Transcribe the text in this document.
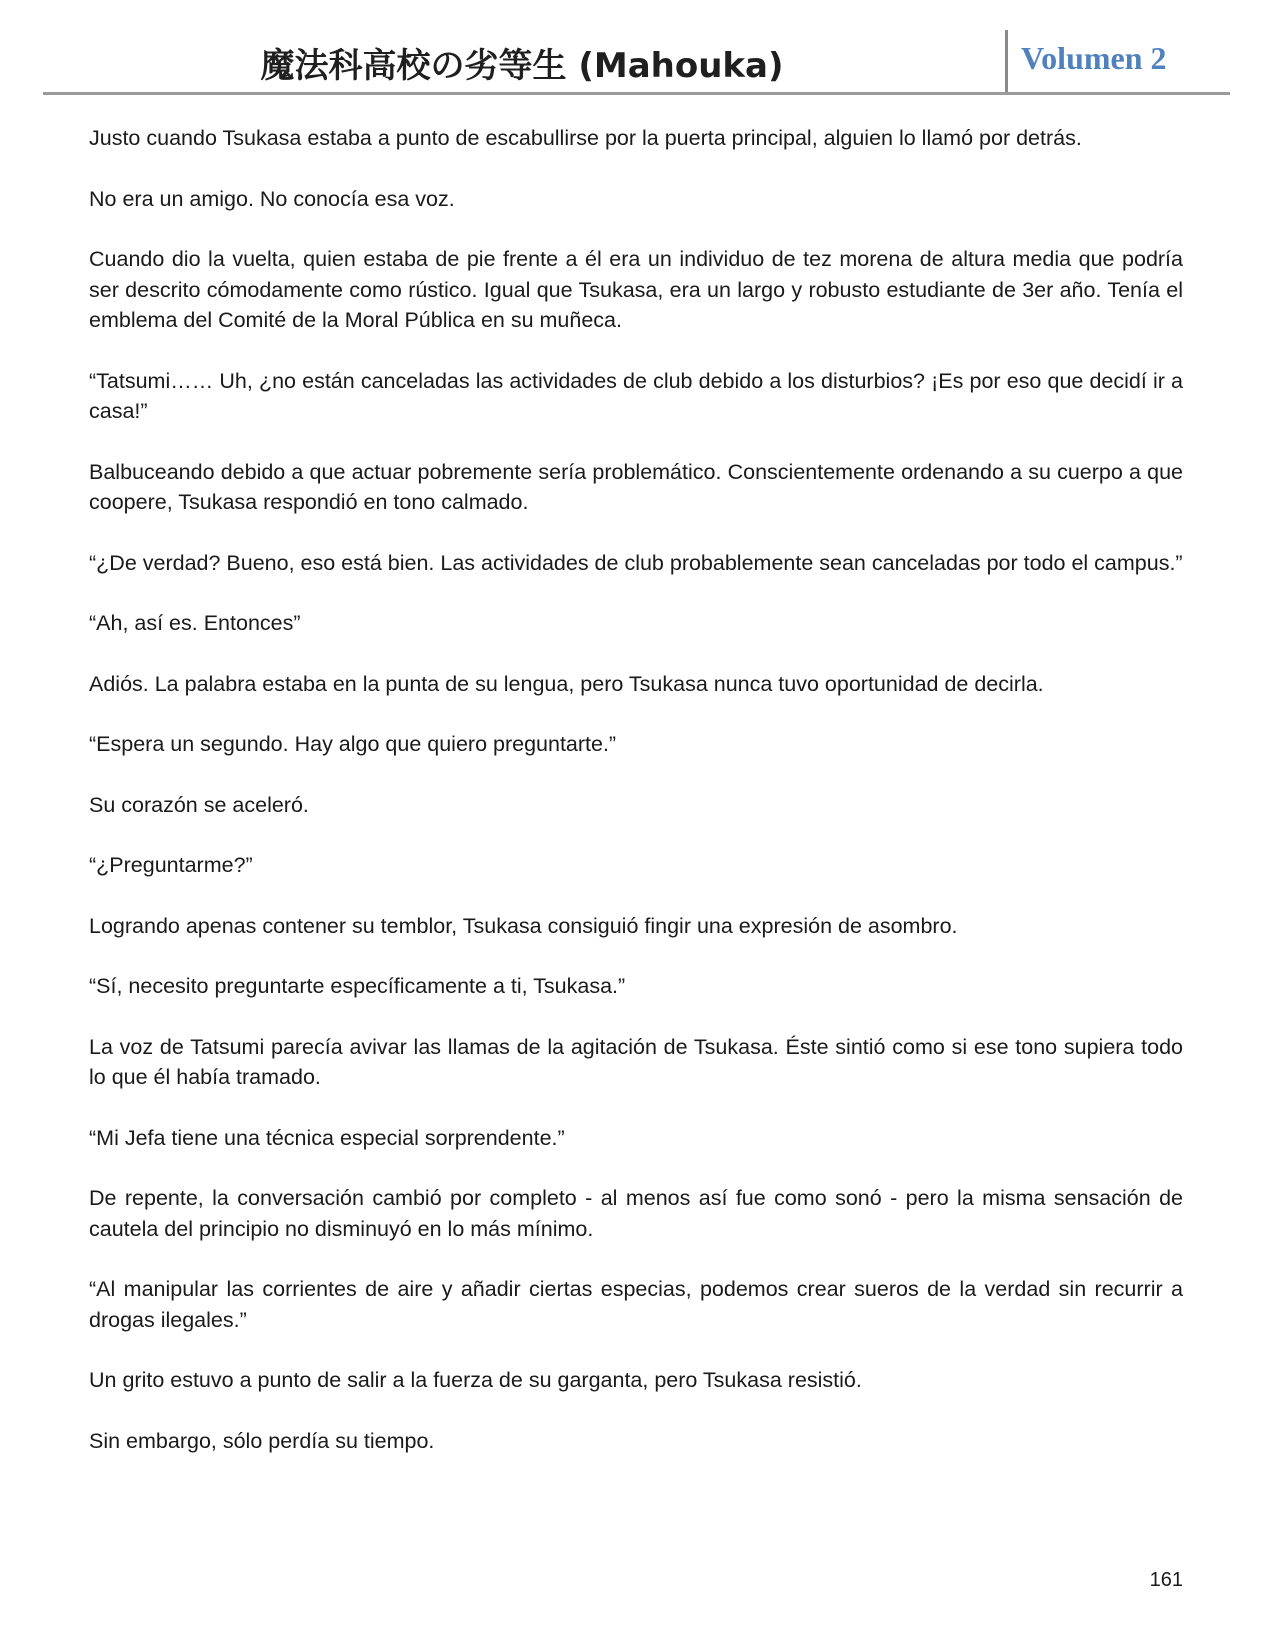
魔法科高校の劣等生 (Mahouka)	Volumen 2

Justo cuando Tsukasa estaba a punto de escabullirse por la puerta principal, alguien lo llamó por detrás.

No era un amigo. No conocía esa voz.

Cuando dio la vuelta, quien estaba de pie frente a él era un individuo de tez morena de altura media que podría ser descrito cómodamente como rústico. Igual que Tsukasa, era un largo y robusto estudiante de 3er año. Tenía el emblema del Comité de la Moral Pública en su muñeca.

“Tatsumi…… Uh, ¿no están canceladas las actividades de club debido a los disturbios? ¡Es por eso que decidí ir a casa!”

Balbuceando debido a que actuar pobremente sería problemático. Conscientemente ordenando a su cuerpo a que coopere, Tsukasa respondió en tono calmado.

“¿De verdad? Bueno, eso está bien. Las actividades de club probablemente sean canceladas por todo el campus.”

“Ah, así es. Entonces”

Adiós. La palabra estaba en la punta de su lengua, pero Tsukasa nunca tuvo oportunidad de decirla.

“Espera un segundo. Hay algo que quiero preguntarte.”

Su corazón se aceleró.

“¿Preguntarme?”

Logrando apenas contener su temblor, Tsukasa consiguió fingir una expresión de asombro.

“Sí, necesito preguntarte específicamente a ti, Tsukasa.”

La voz de Tatsumi parecía avivar las llamas de la agitación de Tsukasa. Éste sintió como si ese tono supiera todo lo que él había tramado.

“Mi Jefa tiene una técnica especial sorprendente.”

De repente, la conversación cambió por completo - al menos así fue como sonó - pero la misma sensación de cautela del principio no disminuyó en lo más mínimo.

“Al manipular las corrientes de aire y añadir ciertas especias, podemos crear sueros de la verdad sin recurrir a drogas ilegales.”

Un grito estuvo a punto de salir a la fuerza de su garganta, pero Tsukasa resistió.

Sin embargo, sólo perdía su tiempo.

161
